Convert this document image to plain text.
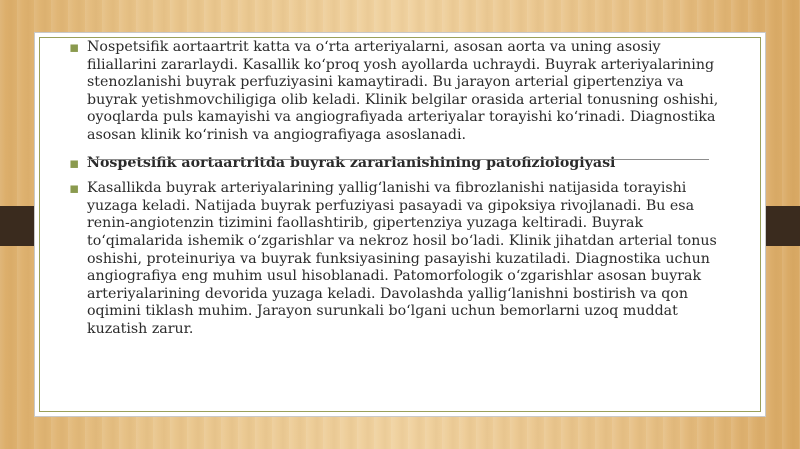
▪ Nospetsifik aortaartrit katta va o‘rta arteriyalarni, asosan aorta va uning asosiy filiallarini zararlaydi. Kasallik ko‘proq yosh ayollarda uchraydi. Buyrak arteriyalarining stenozlanishi buyrak perfuziyasini kamaytiradi. Bu jarayon arterial gipertenziya va buyrak yetishmovchiligiga olib keladi. Klinik belgilar orasida arterial tonusning oshishi, oyoqlarda puls kamayishi va angiografiyada arteriyalar torayishi ko‘rinadi. Diagnostika asosan klinik ko‘rinish va angiografiyaga asoslanadi.

▪ Nospetsifik aortaartritda buyrak zararlanishining patofiziologiyasi

▪ Kasallikda buyrak arteriyalarining yallig‘lanishi va fibrozlanishi natijasida torayishi yuzaga keladi. Natijada buyrak perfuziyasi pasayadi va gipoksiya rivojlanadi. Bu esa renin-angiotenzin tizimini faollashtirib, gipertenziya yuzaga keltiradi. Buyrak to‘qimalarida ishemik o‘zgarishlar va nekroz hosil bo‘ladi. Klinik jihatdan arterial tonus oshishi, proteinuriya va buyrak funksiyasining pasayishi kuzatiladi. Diagnostika uchun angiografiya eng muhim usul hisoblanadi. Patomorfologik o‘zgarishlar asosan buyrak arteriyalarining devorida yuzaga keladi. Davolashda yallig‘lanishni bostirish va qon oqimini tiklash muhim. Jarayon surunkali bo‘lgani uchun bemorlarni uzoq muddat kuzatish zarur.
